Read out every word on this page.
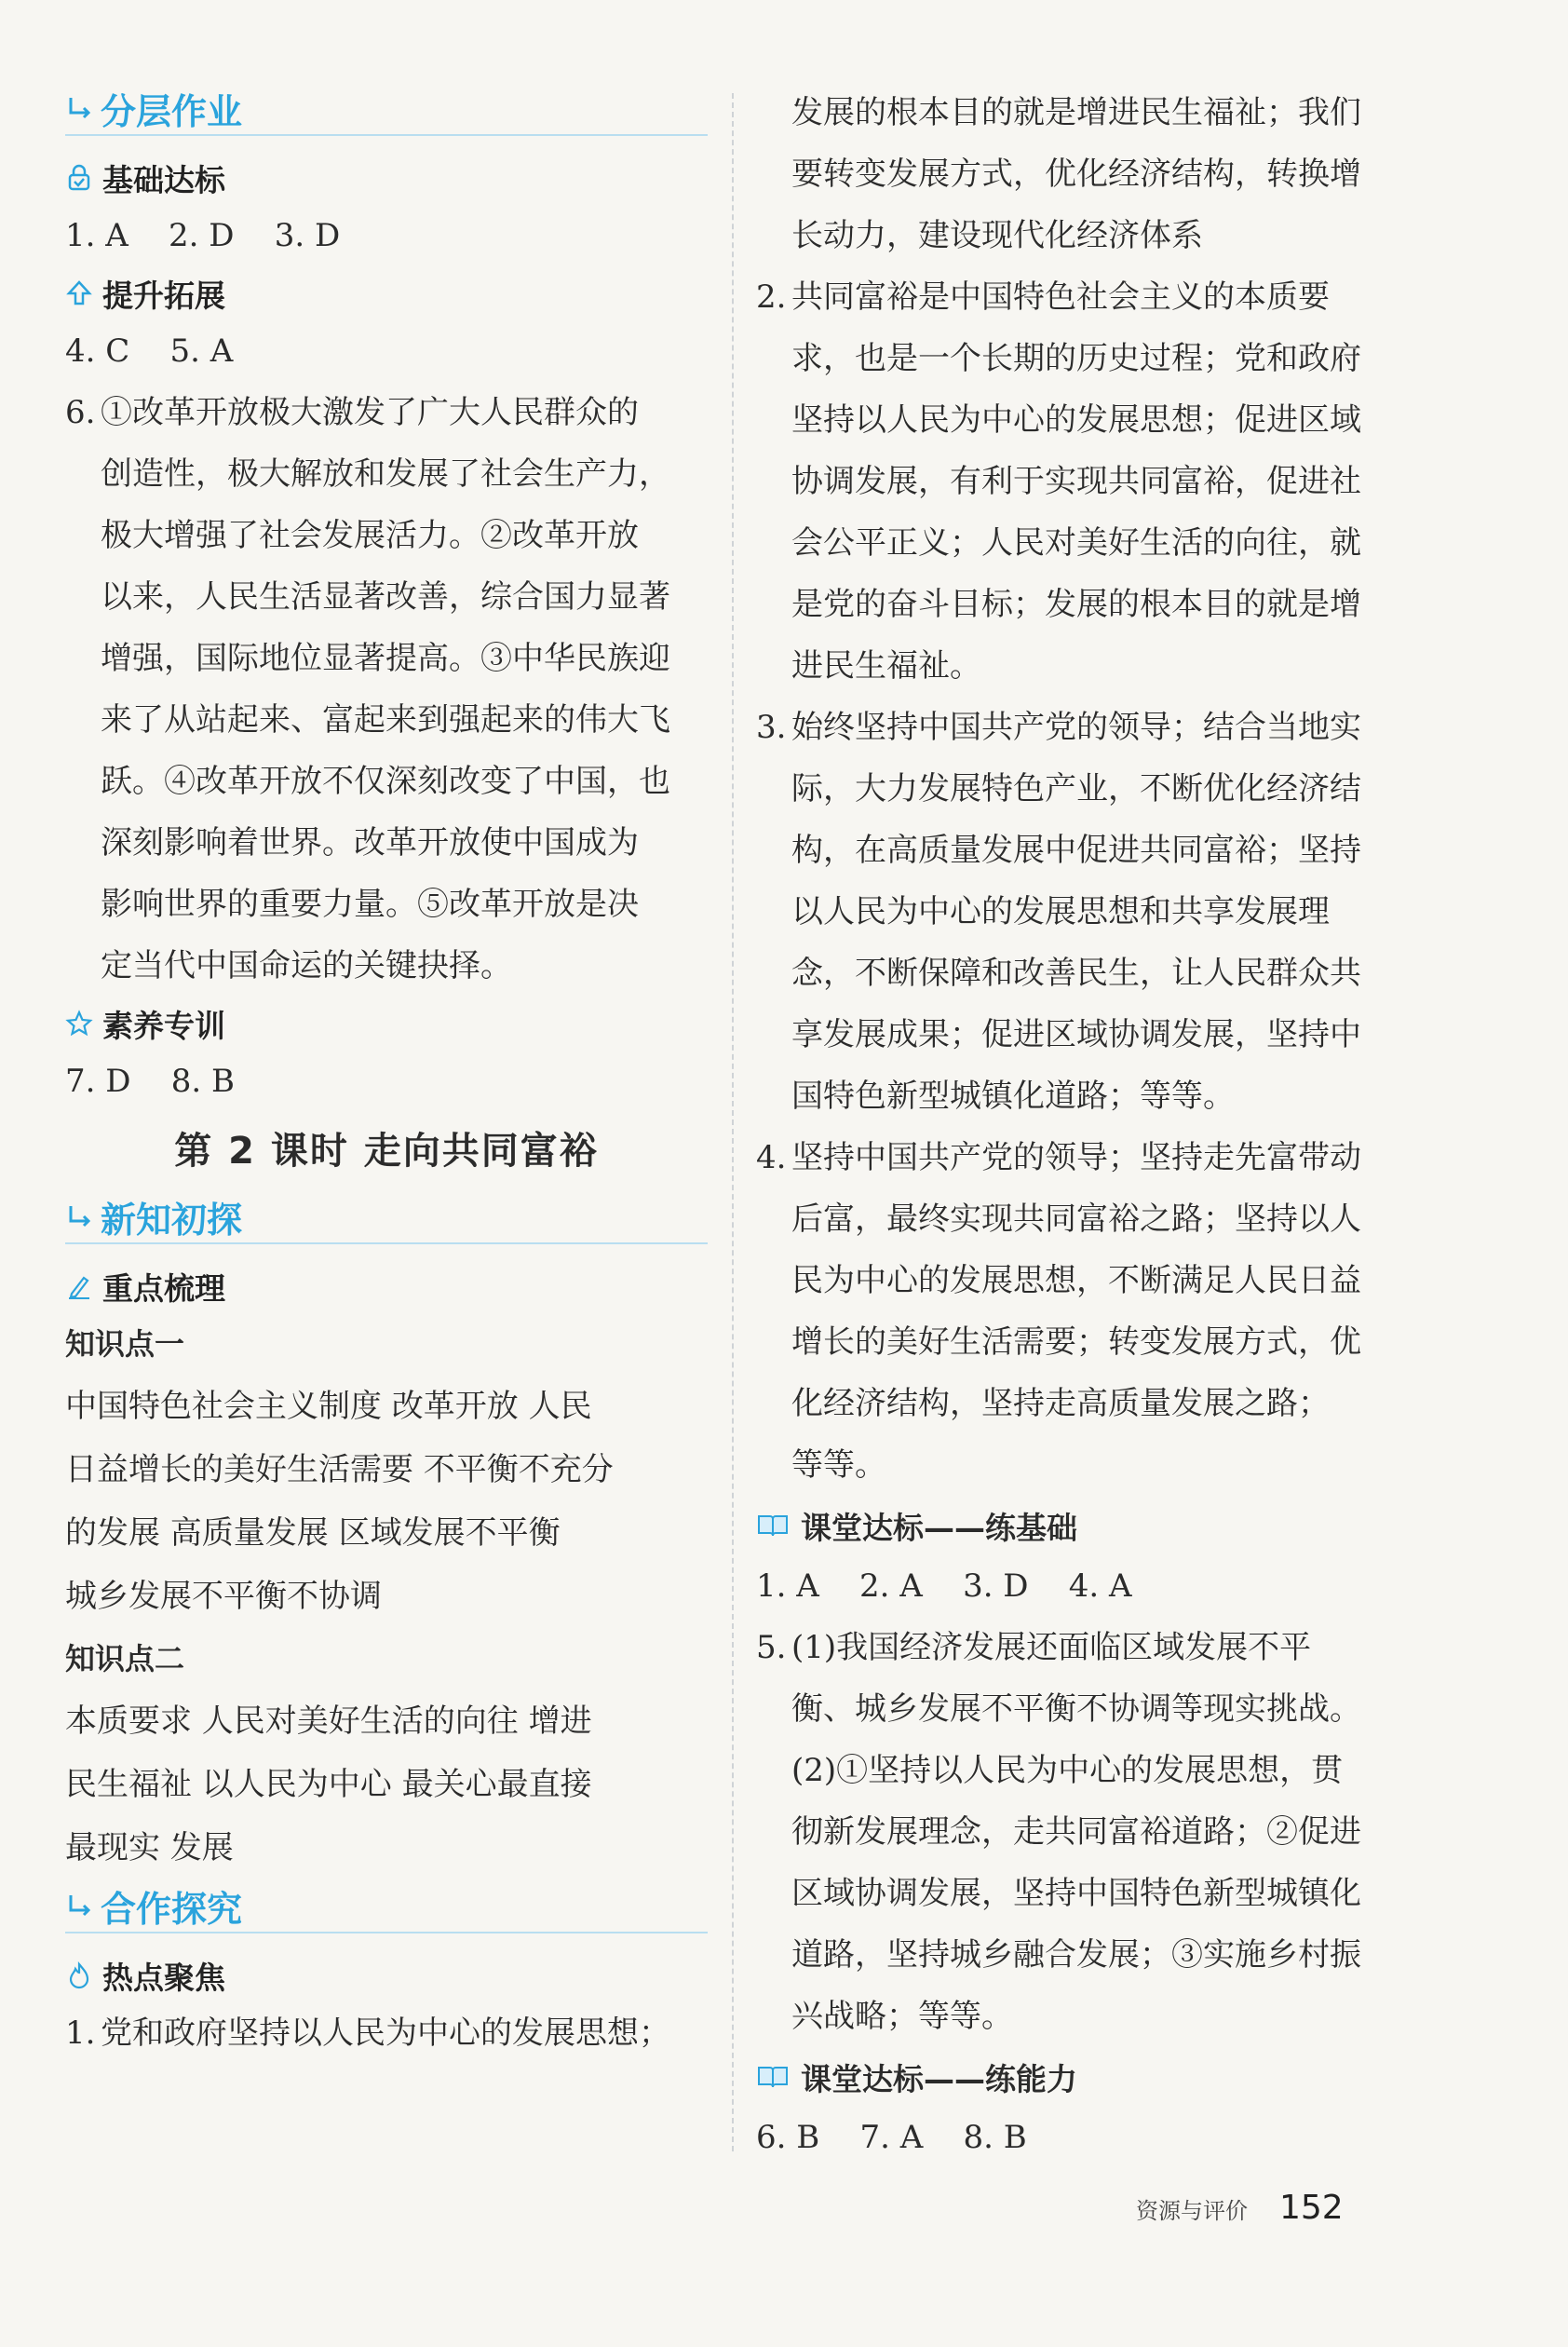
分层作业
基础达标

1. A    2. D    3. D

提升拓展

4. C    5. A

6. ①改革开放极大激发了广大人民群众的

创造性，极大解放和发展了社会生产力，

极大增强了社会发展活力。②改革开放

以来，人民生活显著改善，综合国力显著

增强，国际地位显著提高。③中华民族迎

来了从站起来、富起来到强起来的伟大飞

跃。④改革开放不仅深刻改变了中国，也

深刻影响着世界。改革开放使中国成为

影响世界的重要力量。⑤改革开放是决

定当代中国命运的关键抉择。

素养专训

7. D    8. B

第 2 课时 走向共同富裕
新知初探
重点梳理
知识点一

中国特色社会主义制度 改革开放 人民

日益增长的美好生活需要 不平衡不充分

的发展 高质量发展 区域发展不平衡

城乡发展不平衡不协调

知识点二

本质要求 人民对美好生活的向往 增进

民生福祉 以人民为中心 最关心最直接

最现实 发展

合作探究
热点聚焦
1. 党和政府坚持以人民为中心的发展思想；

发展的根本目的就是增进民生福祉；我们

要转变发展方式，优化经济结构，转换增

长动力，建设现代化经济体系

2. 共同富裕是中国特色社会主义的本质要

求，也是一个长期的历史过程；党和政府

坚持以人民为中心的发展思想；促进区域

协调发展，有利于实现共同富裕，促进社

会公平正义；人民对美好生活的向往，就

是党的奋斗目标；发展的根本目的就是增

进民生福祉。

3. 始终坚持中国共产党的领导；结合当地实

际，大力发展特色产业，不断优化经济结

构，在高质量发展中促进共同富裕；坚持

以人民为中心的发展思想和共享发展理

念，不断保障和改善民生，让人民群众共

享发展成果；促进区域协调发展，坚持中

国特色新型城镇化道路；等等。

4. 坚持中国共产党的领导；坚持走先富带动

后富，最终实现共同富裕之路；坚持以人

民为中心的发展思想，不断满足人民日益

增长的美好生活需要；转变发展方式，优

化经济结构，坚持走高质量发展之路；

等等。

课堂达标——练基础

1. A    2. A    3. D    4. A

5. (1)我国经济发展还面临区域发展不平

衡、城乡发展不平衡不协调等现实挑战。

(2)①坚持以人民为中心的发展思想，贯

彻新发展理念，走共同富裕道路；②促进

区域协调发展，坚持中国特色新型城镇化

道路，坚持城乡融合发展；③实施乡村振

兴战略；等等。

课堂达标——练能力

6. B    7. A    8. B

资源与评价 152
